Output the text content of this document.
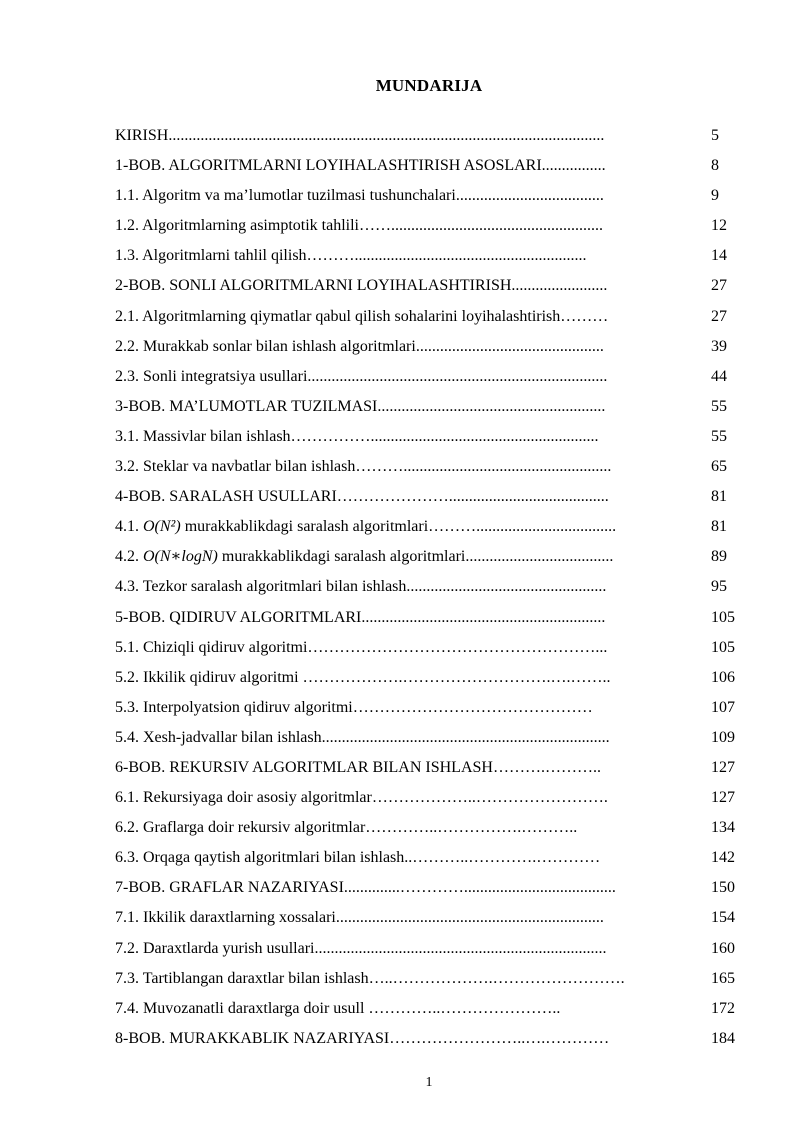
MUNDARIJA
KIRISH.............................................................................................................	5
1-BOB. ALGORITMLARNI LOYIHALASHTIRISH ASOSLARI................	8
1.1. Algoritm va ma’lumotlar tuzilmasi tushunchalari.....................................	9
1.2. Algoritmlarning asimptotik tahlili…….....................................................	12
1.3. Algoritmlarni tahlil qilish………..........................................................	14
2-BOB. SONLI ALGORITMLARNI LOYIHALASHTIRISH........................	27
2.1. Algoritmlarning qiymatlar qabul qilish sohalarini loyihalashtirish………	27
2.2. Murakkab sonlar bilan ishlash algoritmlari...............................................	39
2.3. Sonli integratsiya usullari...........................................................................	44
3-BOB. MA’LUMOTLAR TUZILMASI.........................................................	55
3.1. Massivlar bilan ishlash…………….........................................................	55
3.2. Steklar va navbatlar bilan ishlash………....................................................	65
4-BOB. SARALASH USULLARI…………………........................................	81
4.1. O(N²) murakkablikdagi saralash algoritmlari………...................................	81
4.2. O(N∗logN) murakkablikdagi saralash algoritmlari.....................................	89
4.3. Tezkor saralash algoritmlari bilan ishlash..................................................	95
5-BOB. QIDIRUV ALGORITMLARI.............................................................	105
5.1. Chiziqli qidiruv algoritmi………………………………………………...	105
5.2. Ikkilik qidiruv algoritmi ……………….……………………….….……..	106
5.3. Interpolyatsion qidiruv algoritmi………………………………………	107
5.4. Xesh-jadvallar bilan ishlash........................................................................	109
6-BOB. REKURSIV ALGORITMLAR BILAN ISHLASH……….………..	127
6.1. Rekursiyaga doir asosiy algoritmlar………………..…………………….	127
6.2. Graflarga doir rekursiv algoritmlar…………..…………….………..	134
6.3. Orqaga qaytish algoritmlari bilan ishlash..………..………….…………	142
7-BOB. GRAFLAR NAZARIYASI..............…………......................................	150
7.1. Ikkilik daraxtlarning xossalari...................................................................	154
7.2. Daraxtlarda yurish usullari.........................................................................	160
7.3. Tartiblangan daraxtlar bilan ishlash…..……………….…………………….	165
7.4. Muvozanatli daraxtlarga doir usull …………..…………………..	172
8-BOB. MURAKKABLIK NAZARIYASI……………………..….…………	184
1
